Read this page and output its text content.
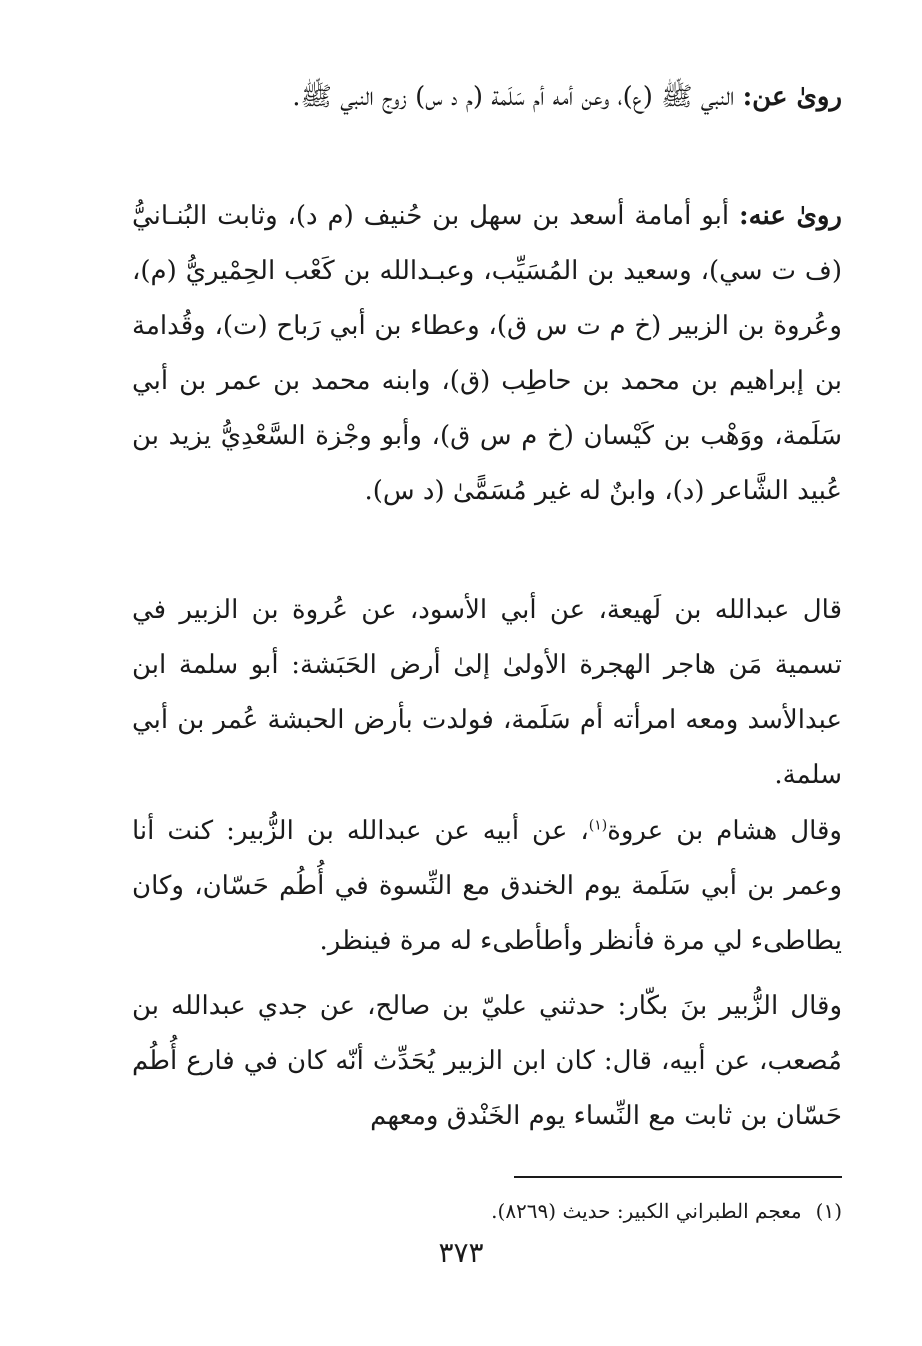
رویٰ عن: النبي ﷺ (ع)، وعن أمه أم سَلَمة (م د س) زوج النبي ﷺ.

رویٰ عنه: أبو أمامة أسعد بن سهل بن حُنيف (م د)، وثابت البُنـانيُّ (ف ت سي)، وسعيد بن المُسَيِّب، وعبـدالله بن كَعْب الحِمْيريُّ (م)، وعُروة بن الزبير (خ م ت س ق)، وعطاء بن أبي رَباح (ت)، وقُدامة بن إبراهيم بن محمد بن حاطِب (ق)، وابنه محمد بن عمر بن أبي سَلَمة، ووَهْب بن كَيْسان (خ م س ق)، وأبو وجْزة السَّعْدِيُّ يزيد بن عُبيد الشَّاعر (د)، وابنٌ له غير مُسَمًّىٰ (د س).

قال عبدالله بن لَهيعة، عن أبي الأسود، عن عُروة بن الزبير في تسمية مَن هاجر الهجرة الأولىٰ إلىٰ أرض الحَبَشة: أبو سلمة ابن عبدالأسد ومعه امرأته أم سَلَمة، فولدت بأرض الحبشة عُمر بن أبي سلمة.

وقال هشام بن عروة$^{(١)}$، عن أبيه عن عبدالله بن الزُّبير: كنت أنا وعمر بن أبي سَلَمة يوم الخندق مع النِّسوة في أُطُم حَسّان، وكان يطاطىء لي مرة فأنظر وأطأطىء له مرة فينظر.

وقال الزُّبير بنَ بكّار: حدثني عليّ بن صالح، عن جدي عبدالله بن مُصعب، عن أبيه، قال: كان ابن الزبير يُحَدِّث أنّه كان في فارع أُطُم حَسّان بن ثابت مع النِّساء يوم الخَنْدق ومعهم

(١)معجم الطبراني الكبير: حديث (٨٢٦٩).
٣٧٣
